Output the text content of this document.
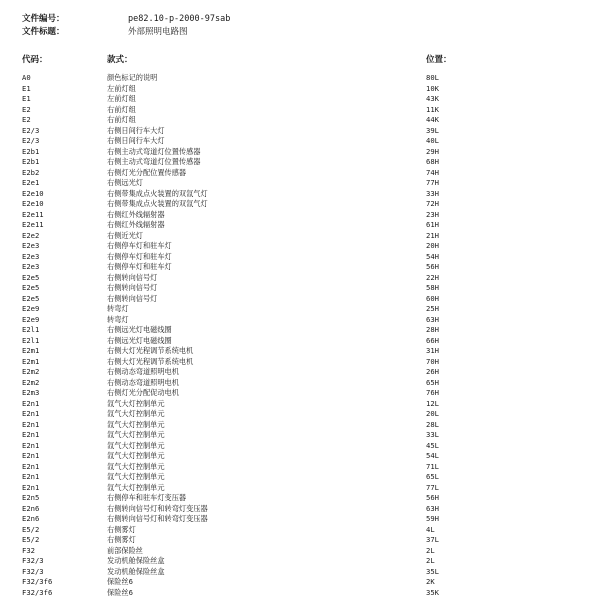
文件编号：	pe82.10-p-2000-97sab
文件标题：	外部照明电路图
代码：	款式：	位置：
A0	颜色标记的说明	80L
E1	左前灯组	10K
E1	左前灯组	43K
E2	右前灯组	11K
E2	右前灯组	44K
E2/3	右侧日间行车大灯	39L
E2/3	右侧日间行车大灯	40L
E2b1	右侧主动式弯道灯位置传感器	29H
E2b1	右侧主动式弯道灯位置传感器	68H
E2b2	右侧灯光分配位置传感器	74H
E2e1	右侧远光灯	77H
E2e10	右侧带集成点火装置的双氙气灯	33H
E2e10	右侧带集成点火装置的双氙气灯	72H
E2e11	右侧红外线辐射器	23H
E2e11	右侧红外线辐射器	61H
E2e2	右侧近光灯	21H
E2e3	右侧停车灯和驻车灯	20H
E2e3	右侧停车灯和驻车灯	54H
E2e3	右侧停车灯和驻车灯	56H
E2e5	右侧转向信号灯	22H
E2e5	右侧转向信号灯	58H
E2e5	右侧转向信号灯	60H
E2e9	转弯灯	25H
E2e9	转弯灯	63H
E2l1	右侧远光灯电磁线圈	28H
E2l1	右侧远光灯电磁线圈	66H
E2m1	右侧大灯光程调节系统电机	31H
E2m1	右侧大灯光程调节系统电机	70H
E2m2	右侧动态弯道照明电机	26H
E2m2	右侧动态弯道照明电机	65H
E2m3	右侧灯光分配促动电机	76H
E2n1	氙气大灯控制单元	12L
E2n1	氙气大灯控制单元	20L
E2n1	氙气大灯控制单元	28L
E2n1	氙气大灯控制单元	33L
E2n1	氙气大灯控制单元	45L
E2n1	氙气大灯控制单元	54L
E2n1	氙气大灯控制单元	71L
E2n1	氙气大灯控制单元	65L
E2n1	氙气大灯控制单元	77L
E2n5	右侧停车和驻车灯变压器	56H
E2n6	右侧转向信号灯和转弯灯变压器	63H
E2n6	右侧转向信号灯和转弯灯变压器	59H
E5/2	右侧雾灯	4L
E5/2	右侧雾灯	37L
F32	前部保险丝	2L
F32/3	发动机舱保险丝盒	2L
F32/3	发动机舱保险丝盒	35L
F32/3f6	保险丝6	2K
F32/3f6	保险丝6	35K
